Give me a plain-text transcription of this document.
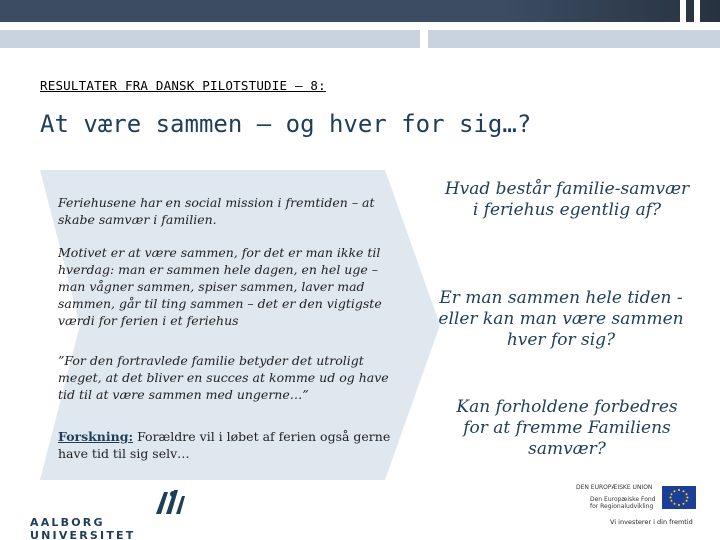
RESULTATER FRA DANSK PILOTSTUDIE – 8:
At være sammen – og hver for sig…?
Feriehusene har en social mission i fremtiden – at skabe samvær i familien.
Motivet er at være sammen, for det er man ikke til hverdag: man er sammen hele dagen, en hel uge – man vågner sammen, spiser sammen, laver mad sammen, går til ting sammen – det er den vigtigste værdi for ferien i et feriehus
”For den fortravlede familie betyder det utroligt meget, at det bliver en succes at komme ud og have tid til at være sammen med ungerne…”
Forskning: Forældre vil i løbet af ferien også gerne have tid til sig selv…
Hvad består familie-samvær i feriehus egentlig af?
Er man sammen hele tiden - eller kan man være sammen hver for sig?
Kan forholdene forbedres for at fremme Familiens samvær?
AALBORG UNIVERSITET
DEN EUROPÆISKE UNION
Den Europæiske Fond
for Regionaludvikling
Vi investerer i din fremtid
